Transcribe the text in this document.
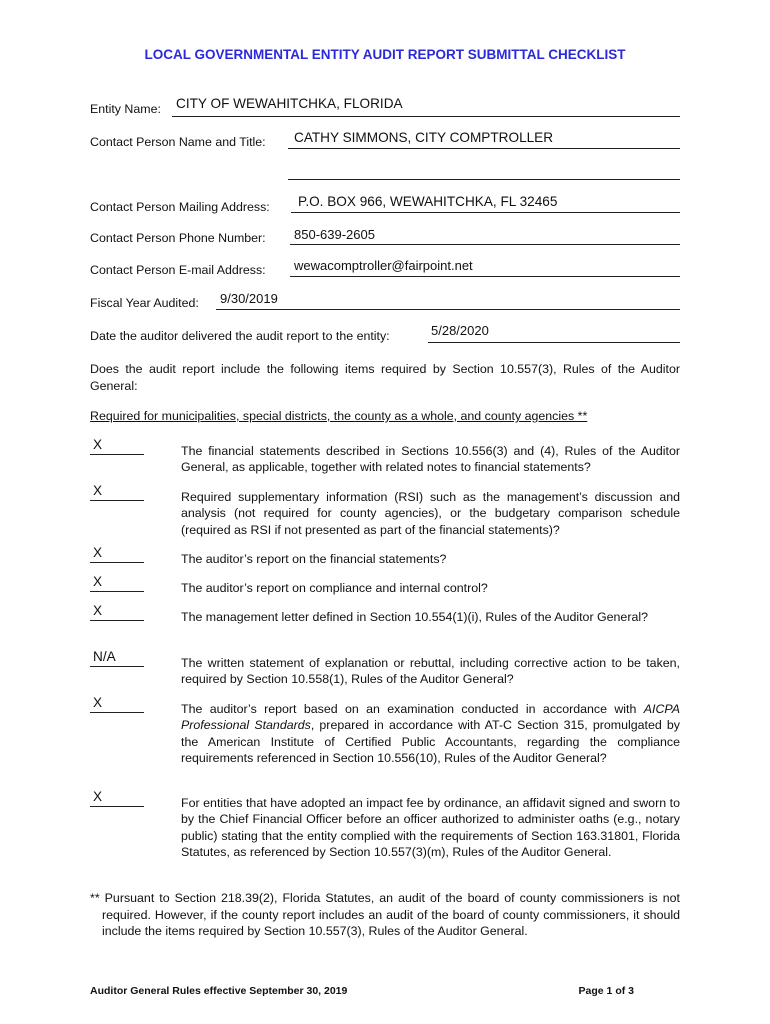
LOCAL GOVERNMENTAL ENTITY AUDIT REPORT SUBMITTAL CHECKLIST
Entity Name: CITY OF WEWAHITCHKA, FLORIDA
Contact Person Name and Title: CATHY SIMMONS, CITY COMPTROLLER
Contact Person Mailing Address: P.O. BOX 966, WEWAHITCHKA, FL 32465
Contact Person Phone Number: 850-639-2605
Contact Person E-mail Address: wewacomptroller@fairpoint.net
Fiscal Year Audited: 9/30/2019
Date the auditor delivered the audit report to the entity:	5/28/2020
Does the audit report include the following items required by Section 10.557(3), Rules of the Auditor General:
Required for municipalities, special districts, the county as a whole, and county agencies **
X	The financial statements described in Sections 10.556(3) and (4), Rules of the Auditor General, as applicable, together with related notes to financial statements?
X	Required supplementary information (RSI) such as the management’s discussion and analysis (not required for county agencies), or the budgetary comparison schedule (required as RSI if not presented as part of the financial statements)?
X	The auditor’s report on the financial statements?
X	The auditor’s report on compliance and internal control?
X	The management letter defined in Section 10.554(1)(i), Rules of the Auditor General?
N/A	The written statement of explanation or rebuttal, including corrective action to be taken, required by Section 10.558(1), Rules of the Auditor General?
X	The auditor’s report based on an examination conducted in accordance with AICPA Professional Standards, prepared in accordance with AT-C Section 315, promulgated by the American Institute of Certified Public Accountants, regarding the compliance requirements referenced in Section 10.556(10), Rules of the Auditor General?
X	For entities that have adopted an impact fee by ordinance, an affidavit signed and sworn to by the Chief Financial Officer before an officer authorized to administer oaths (e.g., notary public) stating that the entity complied with the requirements of Section 163.31801, Florida Statutes, as referenced by Section 10.557(3)(m), Rules of the Auditor General.
** Pursuant to Section 218.39(2), Florida Statutes, an audit of the board of county commissioners is not required. However, if the county report includes an audit of the board of county commissioners, it should include the items required by Section 10.557(3), Rules of the Auditor General.
Auditor General Rules effective September 30, 2019	Page 1 of 3
